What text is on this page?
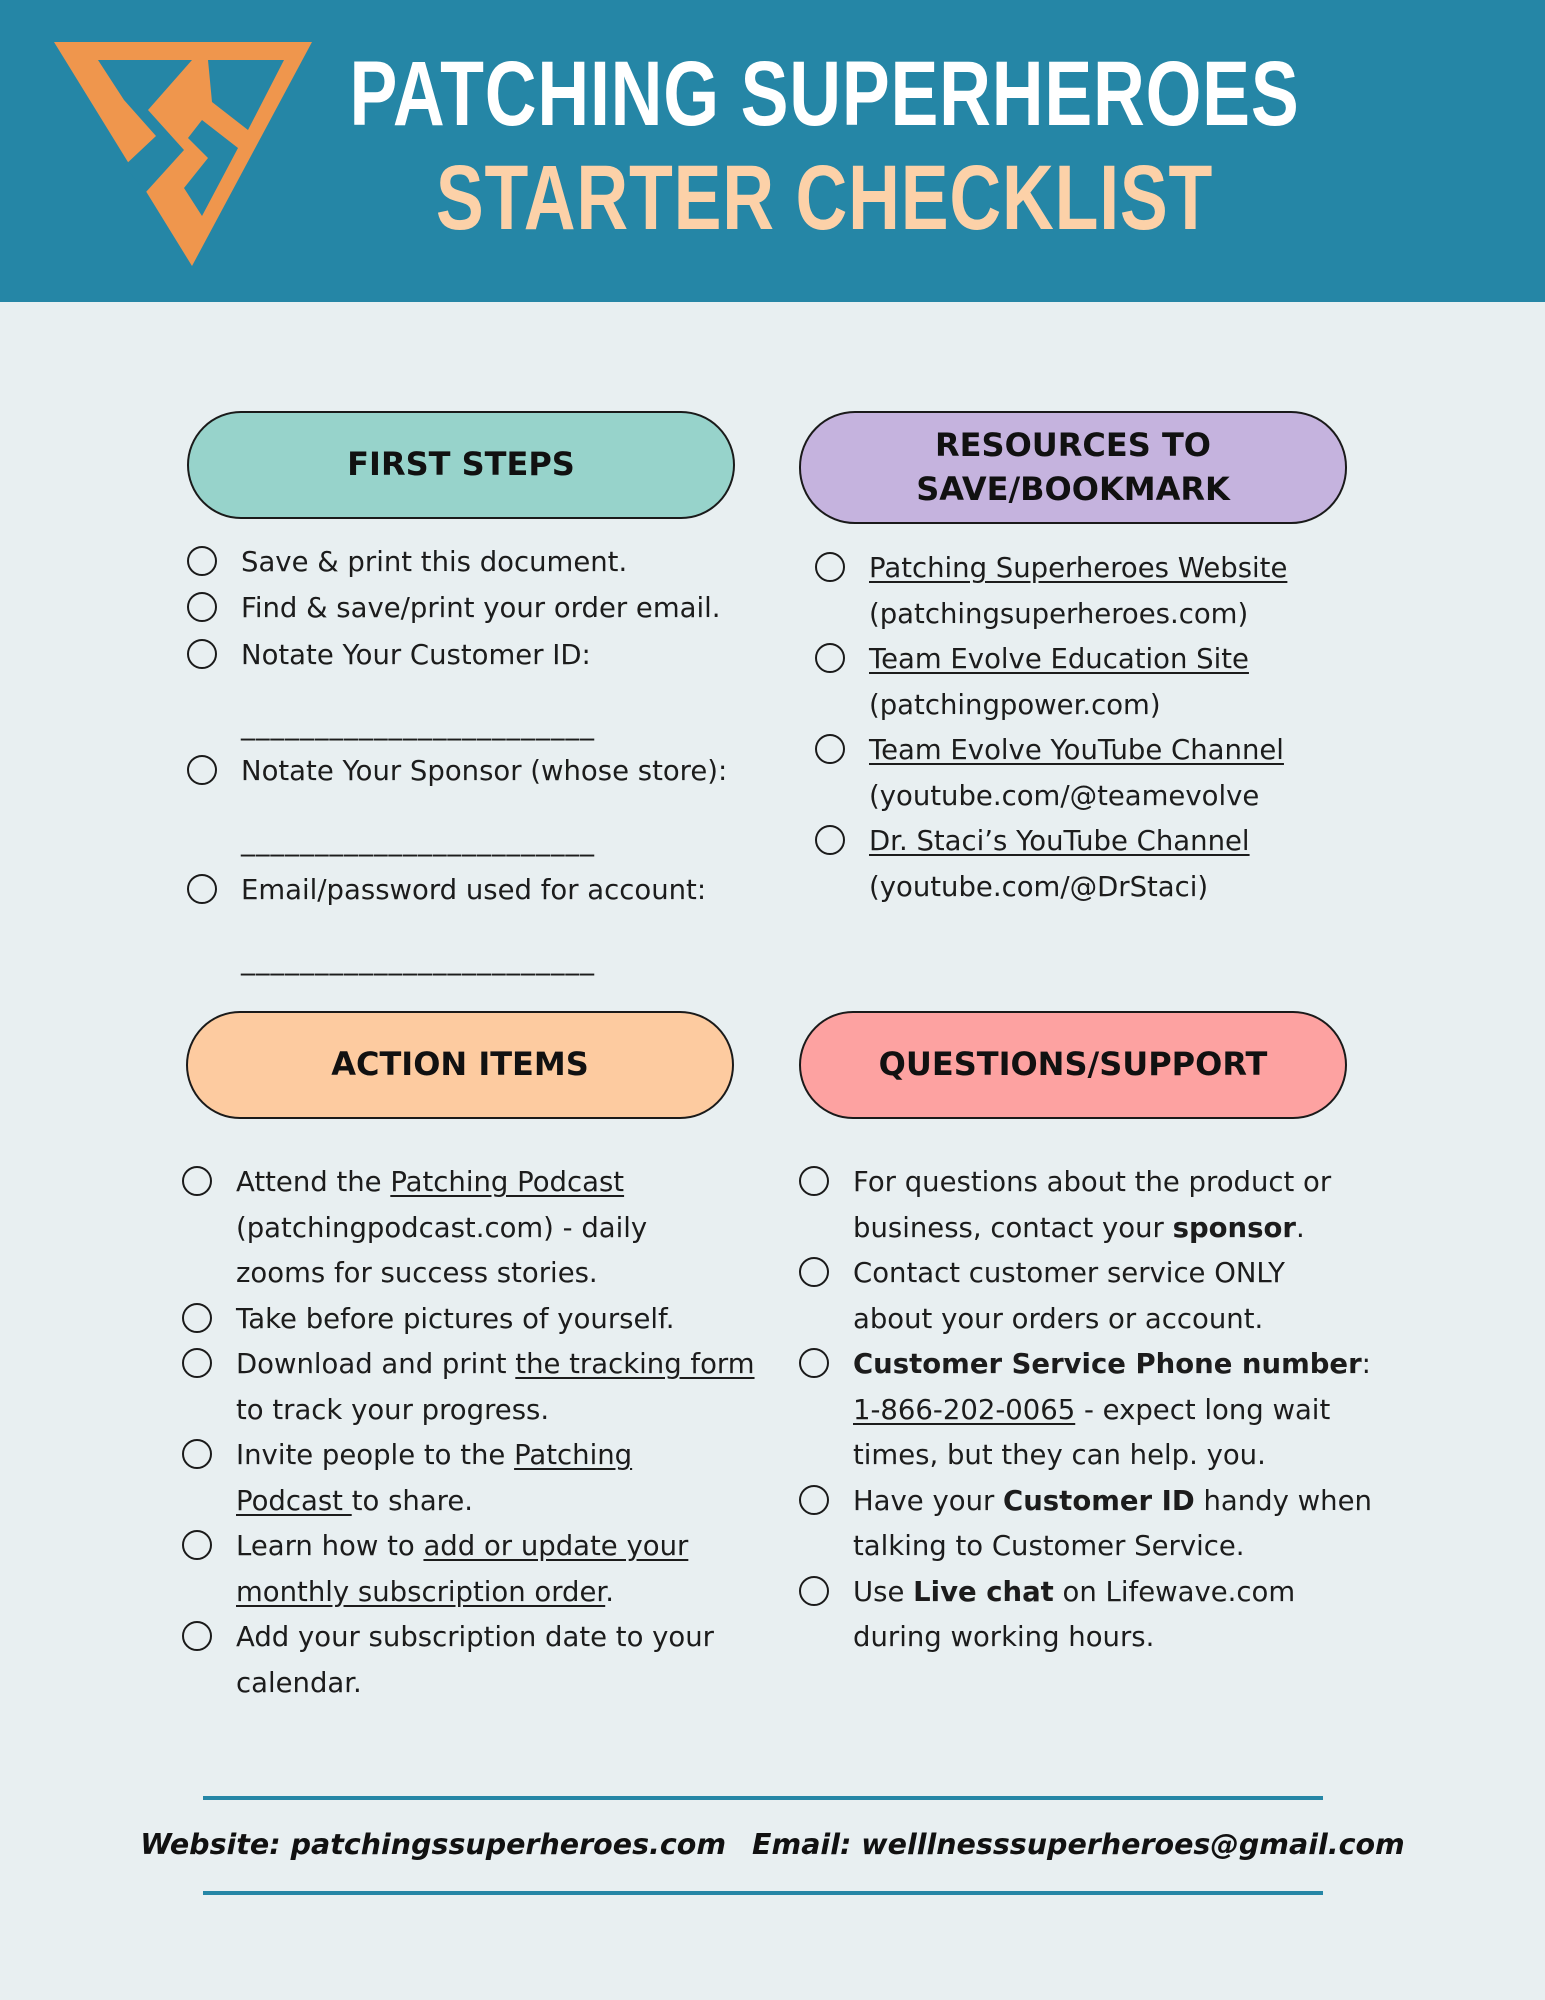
PATCHING SUPERHEROES
STARTER CHECKLIST
FIRST STEPS
Save & print this document.
Find & save/print your order email.
Notate Your Customer ID:
________________________
Notate Your Sponsor (whose store):
________________________
Email/password used for account:
________________________
RESOURCES TO
SAVE/BOOKMARK
Patching Superheroes Website
(patchingsuperheroes.com)
Team Evolve Education Site
(patchingpower.com)
Team Evolve YouTube Channel
(youtube.com/@teamevolve
Dr. Staci’s YouTube Channel
(youtube.com/@DrStaci)
ACTION ITEMS
Attend the Patching Podcast
(patchingpodcast.com) - daily
zooms for success stories.
Take before pictures of yourself.
Download and print the tracking form
to track your progress.
Invite people to the Patching
Podcast to share.
Learn how to add or update your
monthly subscription order.
Add your subscription date to your
calendar.
QUESTIONS/SUPPORT
For questions about the product or
business, contact your sponsor.
Contact customer service ONLY
about your orders or account.
Customer Service Phone number:
1-866-202-0065 - expect long wait
times, but they can help. you.
Have your Customer ID handy when
talking to Customer Service.
Use Live chat on Lifewave.com
during working hours.
Website: patchingssuperheroes.com Email: welllnesssuperheroes@gmail.com
